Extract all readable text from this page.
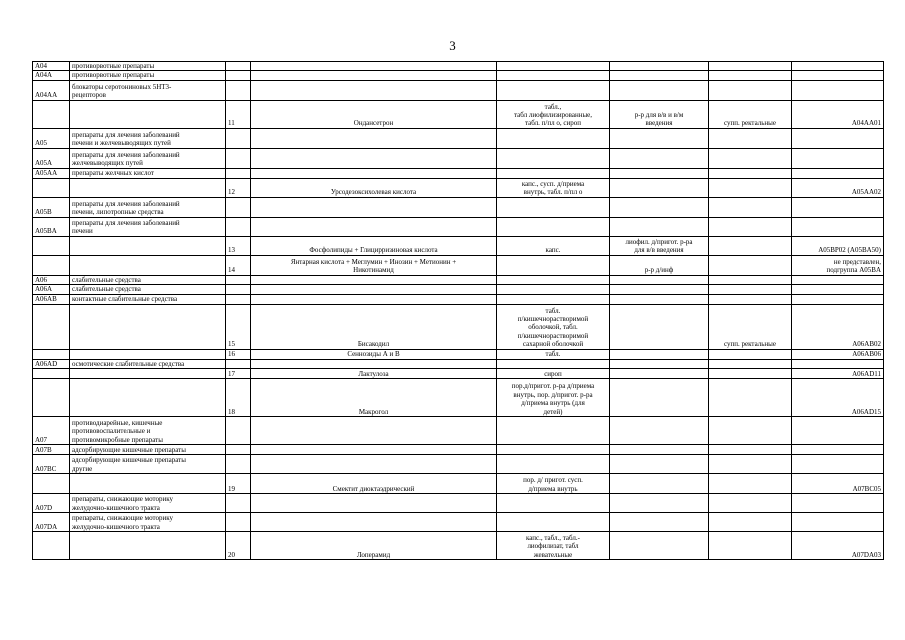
3
A04	противорвотные препараты						
A04A	противорвотные препараты						
A04AA	блокаторы серотониновых 5НТ3-
рецепторов						
		11	Ондансетрон	табл.,
табл лиофилизированные,
табл. п/пл о, сироп	р-р для в/в и в/м
введения	супп. ректальные	A04AA01
A05	препараты для лечения заболеваний
печени и желчевыводящих путей						
A05A	препараты для лечения заболеваний
желчевыводящих путей						
A05AA	препараты желчных кислот						
		12	Урсодезоксихолевая кислота	капс., сусп. д/приема
внутрь, табл. п/пл о			A05AA02
A05B	препараты для лечения заболеваний
печени, липотропные средства						
A05BA	препараты для лечения заболеваний
печени						
		13	Фосфолипиды + Глицирризиновая кислота	капс.	лиофил. д/пригот. р-ра
для в/в введения		A05BP02 (A05BA50)
		14	Янтарная кислота + Меглумин + Инозин + Метионин +
Никотинамид		р-р д/инф		не представлен,
подгруппа A05BA
A06	слабительные средства						
A06A	слабительные средства						
A06AB	контактные слабительные средства						
		15	Бисакодил	табл.
п/кишечнорастворимой
оболочкой, табл.
п/кишечнорастворимой
сахарной оболочкой		супп. ректальные	A06AB02
		16	Сеннозиды А и В	табл.			A06AB06
A06AD	осмотические слабительные средства						
		17	Лактулоза	сироп			A06AD11
		18	Макрогол	пор.д/пригот. р-ра д/приема
внутрь, пор. д/пригот. р-ра
д/приема внутрь (для
детей)			A06AD15
A07	противодиарейные, кишечные
противовоспалительные и
противомикробные препараты						
A07B	адсорбирующие кишечные препараты						
A07BC	адсорбирующие кишечные препараты
другие						
		19	Смектит диоктаэдрический	пор. д/ пригот. сусп.
д/приема внутрь			A07BC05
A07D	препараты, снижающие моторику
желудочно-кишечного тракта						
A07DA	препараты, снижающие моторику
желудочно-кишечного тракта						
		20	Лоперамид	капс., табл., табл.-
лиофилизат, табл
жевательные			A07DA03
